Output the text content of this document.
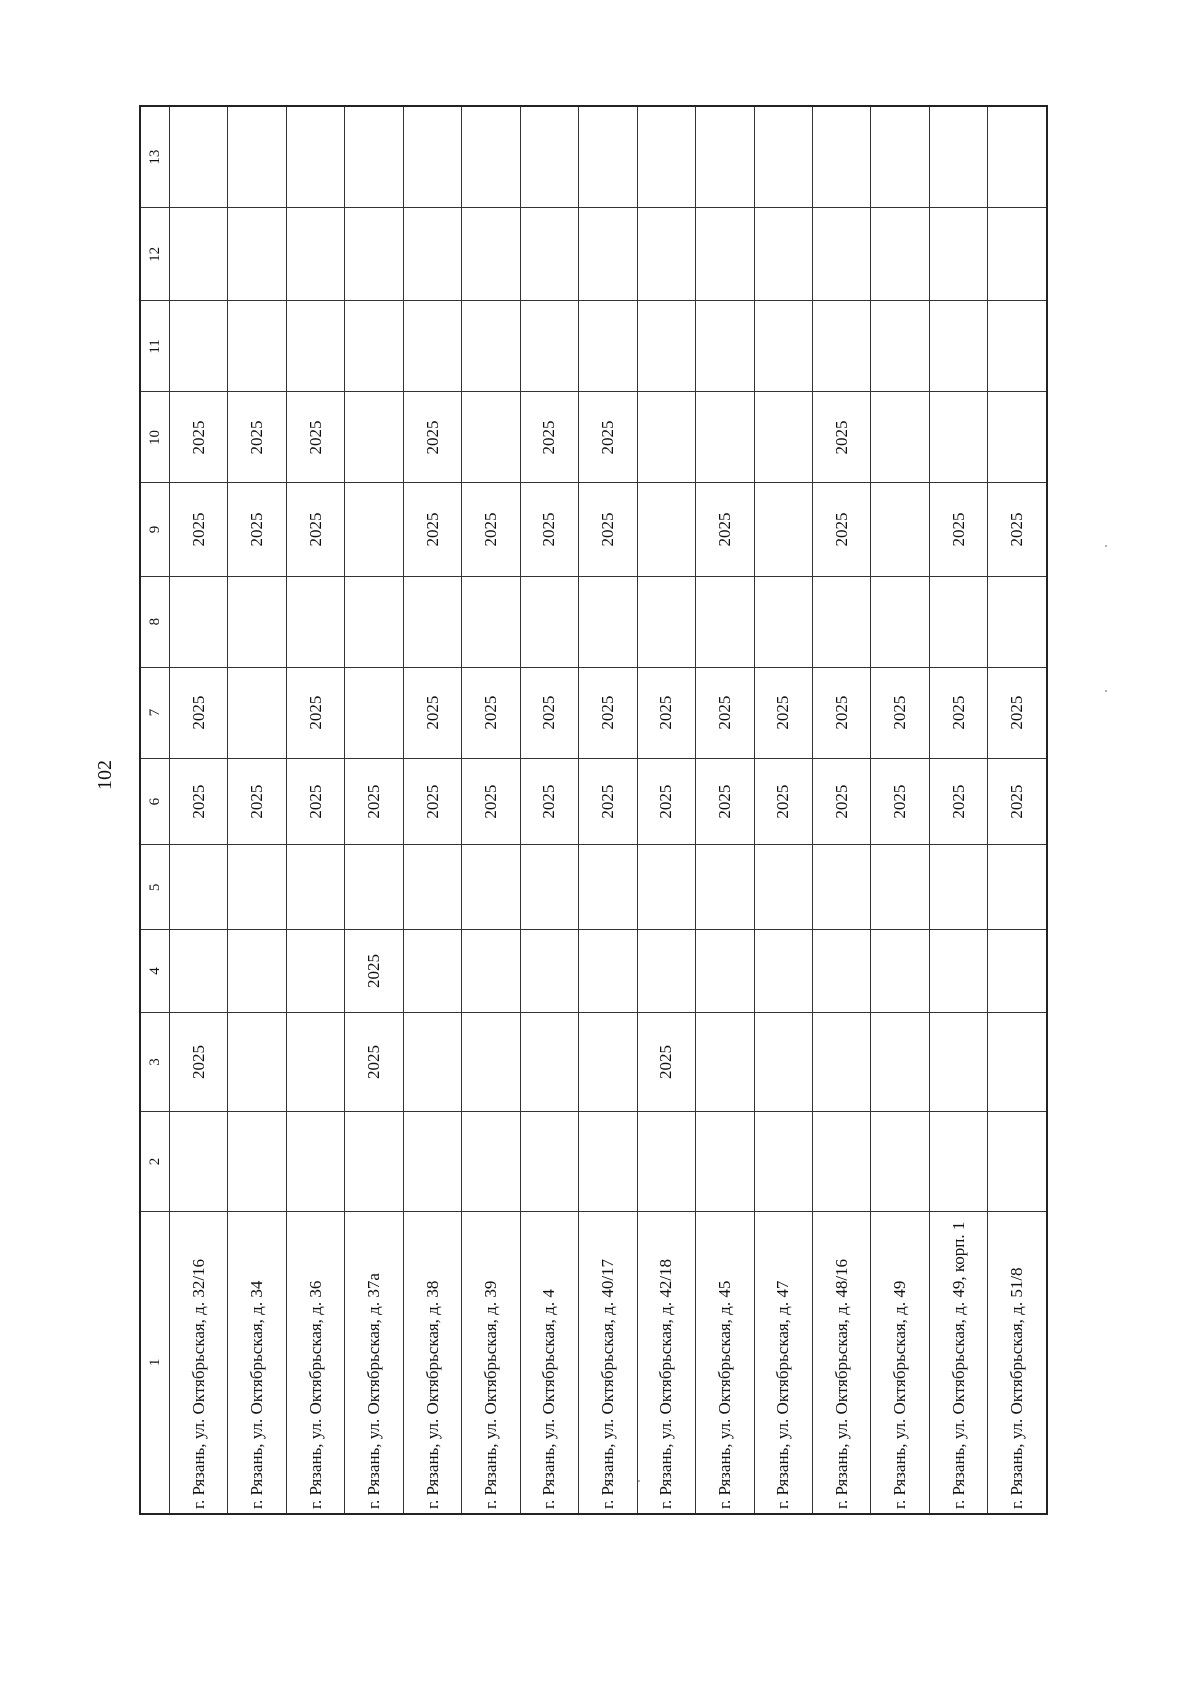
102
1	2	3	4	5	6	7	8	9	10	11	12	13
г. Рязань, ул. Октябрьская, д. 32/16		2025			2025	2025		2025	2025			
г. Рязань, ул. Октябрьская, д. 34					2025			2025	2025			
г. Рязань, ул. Октябрьская, д. 36					2025	2025		2025	2025			
г. Рязань, ул. Октябрьская, д. 37а		2025	2025		2025							
г. Рязань, ул. Октябрьская, д. 38					2025	2025		2025	2025			
г. Рязань, ул. Октябрьская, д. 39					2025	2025		2025				
г. Рязань, ул. Октябрьская, д. 4					2025	2025		2025	2025			
г. Рязань, ул. Октябрьская, д. 40/17					2025	2025		2025	2025			
г. Рязань, ул. Октябрьская, д. 42/18		2025			2025	2025						
г. Рязань, ул. Октябрьская, д. 45					2025	2025		2025				
г. Рязань, ул. Октябрьская, д. 47					2025	2025						
г. Рязань, ул. Октябрьская, д. 48/16					2025	2025		2025	2025			
г. Рязань, ул. Октябрьская, д. 49					2025	2025						
г. Рязань, ул. Октябрьская, д. 49, корп. 1					2025	2025		2025				
г. Рязань, ул. Октябрьская, д. 51/8					2025	2025		2025				
